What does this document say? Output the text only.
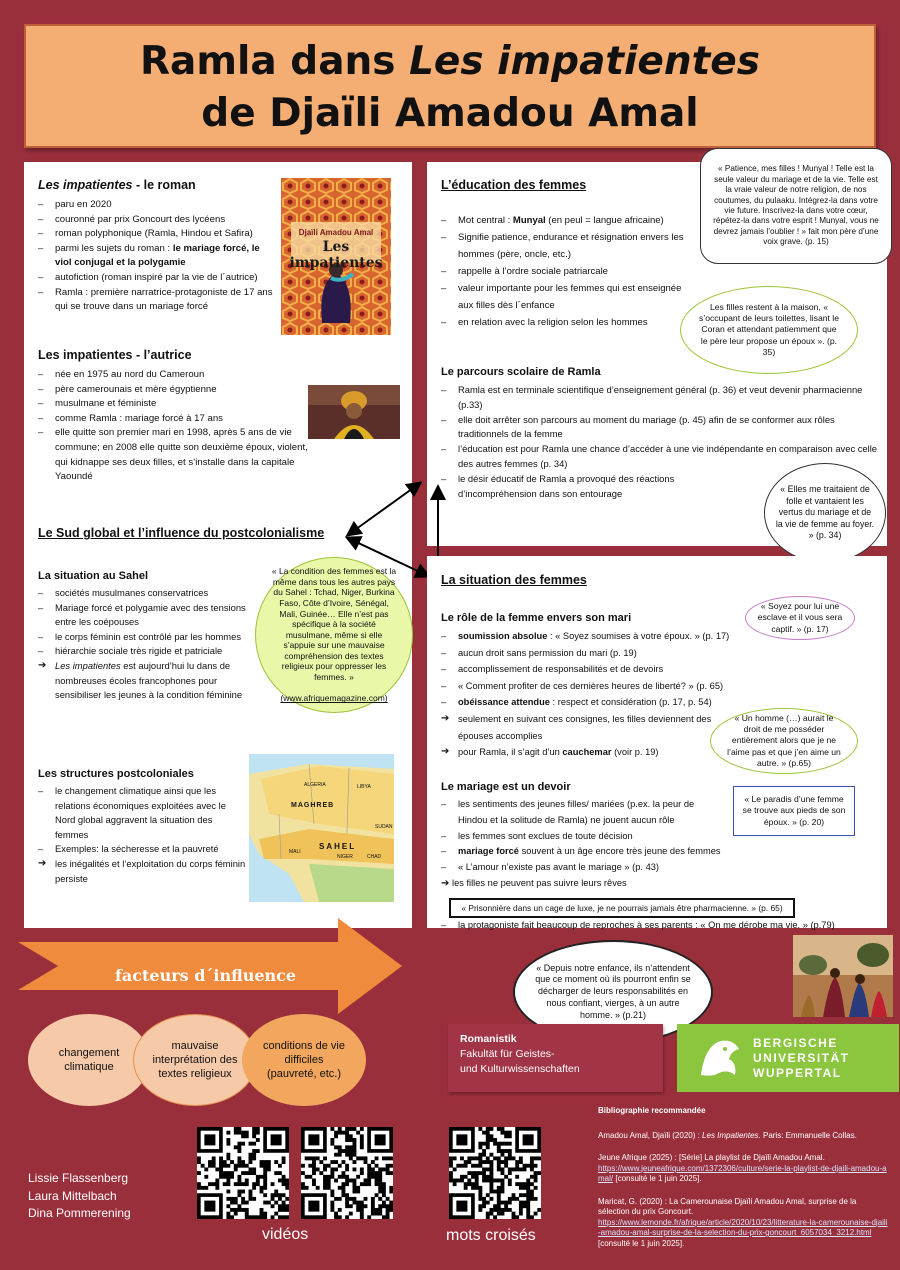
Ramla dans Les impatientes
de Djaïli Amadou Amal
Les impatientes - le roman
– paru en 2020
– couronné par prix Goncourt des lycéens
– roman polyphonique (Ramla, Hindou et Safira)
– parmi les sujets du roman : le mariage forcé, le viol conjugal et la polygamie
– autofiction (roman inspiré par la vie de l´autrice)
– Ramla : première narratrice-protagoniste de 17 ans qui se trouve dans un mariage forcé
Djaïli Amadou Amal
Les impatientes
Les impatientes - l’autrice
– née en 1975 au nord du Cameroun
– père camerounais et mère égyptienne
– musulmane et féministe
– comme Ramla : mariage forcé à 17 ans
– elle quitte son premier mari en 1998, après 5 ans de vie commune; en 2008 elle quitte son deuxième époux, violent, qui kidnappe ses deux filles, et s’installe dans la capitale Yaoundé
Le Sud global et l’influence du postcolonialisme
La situation au Sahel
– sociétés musulmanes conservatrices
– Mariage forcé et polygamie avec des tensions entre les coépouses
– le corps féminin est contrôlé par les hommes
– hiérarchie sociale très rigide et patriciale
➔ Les impatientes est aujourd’hui lu dans de nombreuses écoles francophones pour sensibiliser les jeunes à la condition féminine
« La condition des femmes est la même dans tous les autres pays du Sahel : Tchad, Niger, Burkina Faso, Côte d’Ivoire, Sénégal, Mali, Guinée… Elle n’est pas spécifique à la société musulmane, même si elle s’appuie sur une mauvaise compréhension des textes religieux pour oppresser les femmes. »

(www.afriquemagazine.com)
Les structures postcoloniales
– le changement climatique ainsi que les relations économiques exploitées avec le Nord global aggravent la situation des femmes
– Exemples: la sécheresse et la pauvreté
➔ les inégalités et l’exploitation du corps féminin persiste
ALGERIA	LIBYA
MAGHREB
SAHEL
NIGER	CHAD
MALI
SUDAN
L’éducation des femmes
– Mot central : Munyal (en peul = langue africaine)
– Signifie patience, endurance et résignation envers les hommes (père, oncle, etc.)
– rappelle à l’ordre sociale patriarcale
– valeur importante pour les femmes qui est enseignée aux filles dès l´enfance
– en relation avec la religion selon les hommes
« Patience, mes filles ! Munyal ! Telle est la seule valeur du mariage et de la vie. Telle est la vraie valeur de notre religion, de nos coutumes, du pulaaku. Intégrez-la dans votre vie future. Inscrivez-la dans votre cœur, répétez-la dans votre esprit ! Munyal, vous ne devrez jamais l’oublier ! » fait mon père d’une voix grave. (p. 15)
Les filles restent à la maison, « s’occupant de leurs toilettes, lisant le Coran et attendant patiemment que le père leur propose un époux ». (p. 35)
Le parcours scolaire de Ramla
– Ramla est en terminale scientifique d’enseignement général (p. 36) et veut devenir pharmacienne (p.33)
– elle doit arrêter son parcours au moment du mariage (p. 45) afin de se conformer aux rôles traditionnels de la femme
– l’éducation est pour Ramla une chance d’accéder à une vie indépendante en comparaison avec celle des autres femmes (p. 34)
– le désir éducatif de Ramla a provoqué des réactions d’incompréhension dans son entourage	« Elles me traitaient de folle et vantaient les vertus du mariage et de la vie de femme au foyer. » (p. 34)
La situation des femmes
Le rôle de la femme envers son mari
– soumission absolue : « Soyez soumises à votre époux. » (p. 17)
– aucun droit sans permission du mari (p. 19)
– accomplissement de responsabilités et de devoirs
– « Comment profiter de ces dernières heures de liberté? » (p. 65)
– obéissance attendue : respect et considération (p. 17, p. 54)
➔ seulement en suivant ces consignes, les filles deviennent des épouses accomplies
➔ pour Ramla, il s’agit d’un cauchemar (voir p. 19)
« Soyez pour lui une esclave et il vous sera captif. » (p. 17)
« Un homme (…) aurait le droit de me posséder entièrement alors que je ne l’aime pas et que j’en aime un autre. » (p.65)
Le mariage est un devoir
– les sentiments des jeunes filles/ mariées (p.ex. la peur de Hindou et la solitude de Ramla) ne jouent aucun rôle
– les femmes sont exclues de toute décision
– mariage forcé souvent à un âge encore très jeune des femmes
– « L’amour n’existe pas avant le mariage » (p. 43)
➔ les filles ne peuvent pas suivre leurs rêves
« Prisonnière dans un cage de luxe, je ne pourrais jamais être pharmacienne. » (p. 65)
– la protagoniste fait beaucoup de reproches à ses parents : « On me dérobe ma vie. » (p.79)
« Le paradis d’une femme se trouve aux pieds de son époux. » (p. 20)
« Depuis notre enfance, ils n’attendent que ce moment où ils pourront enfin se décharger de leurs responsabilités en nous confiant, vierges, à un autre homme. » (p.21)
facteurs d´influence
changement climatique
mauvaise interprétation des textes religieux
conditions de vie difficiles (pauvreté, etc.)
Romanistik
Fakultät für Geistes-
und Kulturwissenschaften
BERGISCHE
UNIVERSITÄT
WUPPERTAL
Lissie Flassenberg
Laura Mittelbach
Dina Pommerening
vidéos	mots croisés
Bibliographie recommandée
Amadou Amal, Djaïli (2020) : Les Impatientes. Paris: Emmanuelle Collas.
Jeune Afrique (2025) : [Série] La playlist de Djaïli Amadou Amal.
https://www.jeuneafrique.com/1372306/culture/serie-la-playlist-de-djaili-amadou-amal/ [consulté le 1 juin 2025].
Maricat, G. (2020) : La Camerounaise Djaïli Amadou Amal, surprise de la sélection du prix Goncourt.
https://www.lemonde.fr/afrique/article/2020/10/23/litterature-la-camerounaise-djaili-amadou-amal-surprise-de-la-selection-du-prix-goncourt_6057034_3212.html [consulté le 1 juin 2025].
